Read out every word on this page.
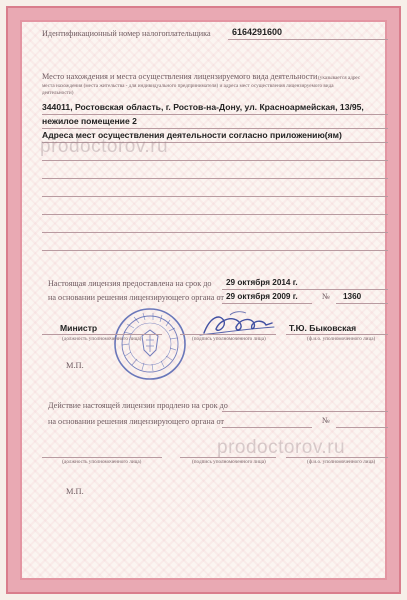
Идентификационный номер налогоплательщика 6164291600

Место нахождения и места осуществления лицензируемого вида деятельности (указывается адрес
места нахождения (места жительства - для индивидуального предпринимателя) и адреса мест осуществления лицензируемого вида
деятельности)
344011, Ростовская область, г. Ростов-на-Дону, ул. Красноармейская, 13/95,
нежилое помещение 2
Адреса мест осуществления деятельности согласно приложению(ям)
prodoctorov.ru
prodoctorov.ru
Настоящая лицензия предоставлена на срок до 29 октября 2014 г.
на основании решения лицензирующего органа от 29 октября 2009 г.	№ 1360
Министр	Т.Ю. Быковская
(должность уполномоченного лица)	(подпись уполномоченного лица)	(ф.и.о. уполномоченного лица)
М.П.
Действие настоящей лицензии продлено на срок до
на основании решения лицензирующего органа от	№
(должность уполномоченного лица)	(подпись уполномоченного лица)	(ф.и.о. уполномоченного лица)
М.П.
